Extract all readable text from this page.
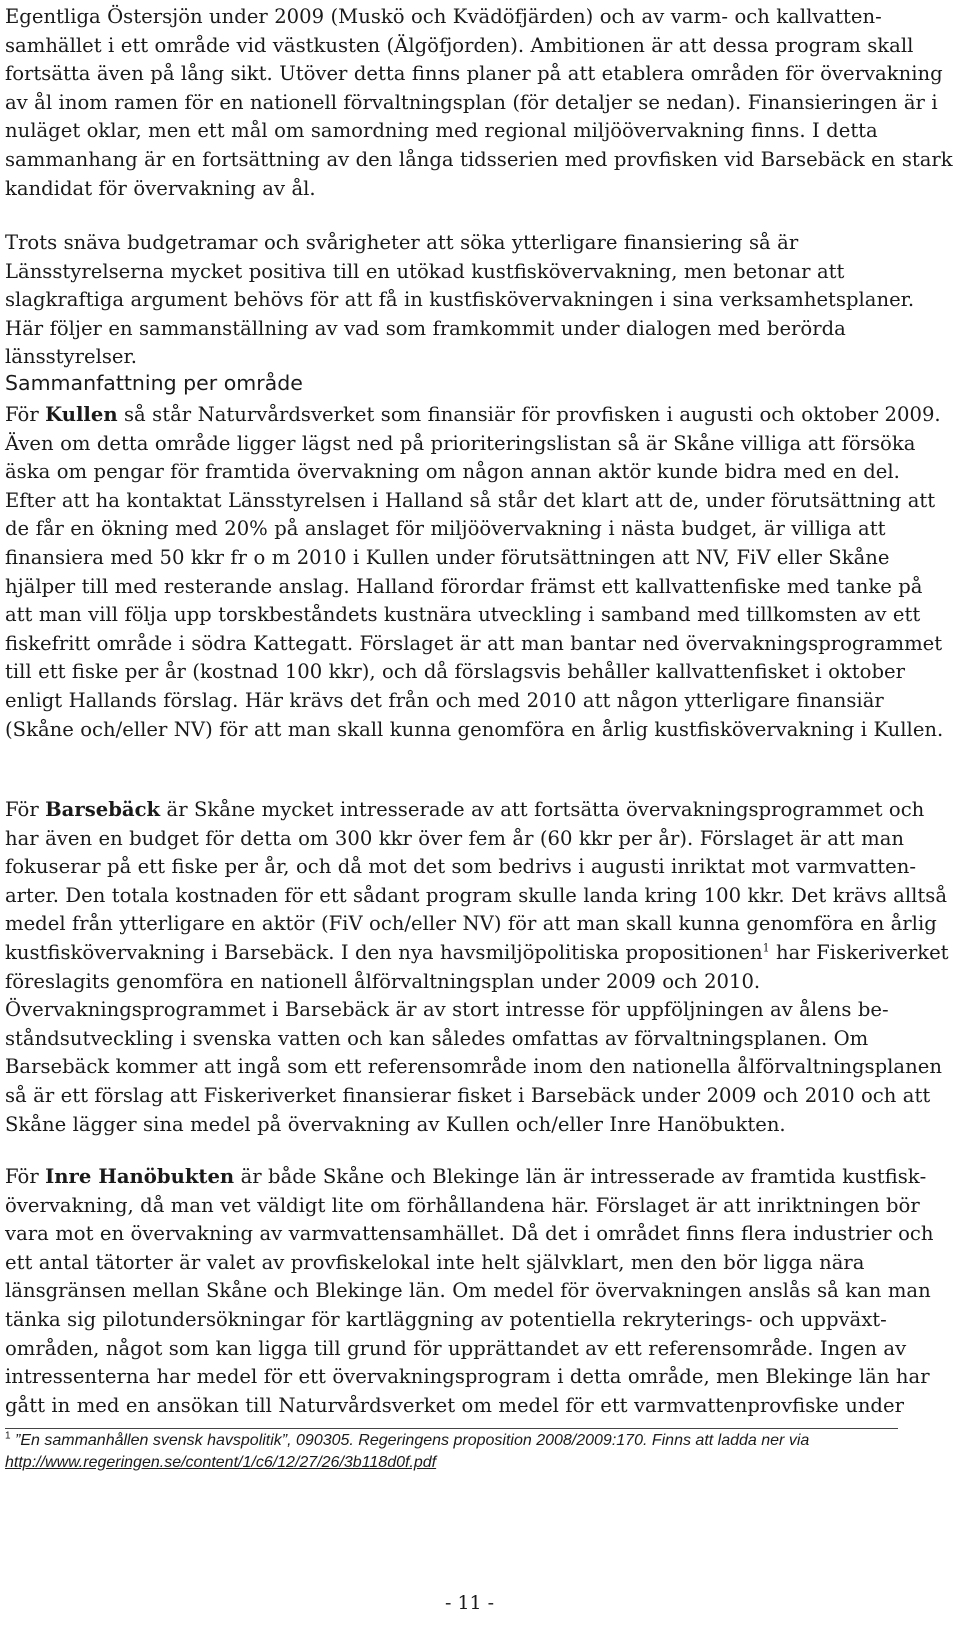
Egentliga Östersjön under 2009 (Muskö och Kvädöfjärden) och av varm- och kallvattensamhället i ett område vid västkusten (Älgöfjorden). Ambitionen är att dessa program skall fortsätta även på lång sikt. Utöver detta finns planer på att etablera områden för övervakning av ål inom ramen för en nationell förvaltningsplan (för detaljer se nedan). Finansieringen är i nuläget oklar, men ett mål om samordning med regional miljöövervakning finns. I detta sammanhang är en fortsättning av den långa tidsserien med provfisken vid Barsebäck en stark kandidat för övervakning av ål.

Trots snäva budgetramar och svårigheter att söka ytterligare finansiering så är Länsstyrelserna mycket positiva till en utökad kustfiskövervakning, men betonar att slagkraftiga argument behövs för att få in kustfiskövervakningen i sina verksamhetsplaner. Här följer en sammanställning av vad som framkommit under dialogen med berörda länsstyrelser.

Sammanfattning per område

För Kullen så står Naturvårdsverket som finansiär för provfisken i augusti och oktober 2009. Även om detta område ligger lägst ned på prioriteringslistan så är Skåne villiga att försöka äska om pengar för framtida övervakning om någon annan aktör kunde bidra med en del. Efter att ha kontaktat Länsstyrelsen i Halland så står det klart att de, under förutsättning att de får en ökning med 20% på anslaget för miljöövervakning i nästa budget, är villiga att finansiera med 50 kkr fr o m 2010 i Kullen under förutsättningen att NV, FiV eller Skåne hjälper till med resterande anslag. Halland förordar främst ett kallvattenfiske med tanke på att man vill följa upp torskbeståndets kustnära utveckling i samband med tillkomsten av ett fiskefritt område i södra Kattegatt. Förslaget är att man bantar ned övervakningsprogrammet till ett fiske per år (kostnad 100 kkr), och då förslagsvis behåller kallvattenfisket i oktober enligt Hallands förslag. Här krävs det från och med 2010 att någon ytterligare finansiär (Skåne och/eller NV) för att man skall kunna genomföra en årlig kustfiskövervakning i Kullen.

För Barsebäck är Skåne mycket intresserade av att fortsätta övervakningsprogrammet och har även en budget för detta om 300 kkr över fem år (60 kkr per år). Förslaget är att man fokuserar på ett fiske per år, och då mot det som bedrivs i augusti inriktat mot varmvattenarter. Den totala kostnaden för ett sådant program skulle landa kring 100 kkr. Det krävs alltså medel från ytterligare en aktör (FiV och/eller NV) för att man skall kunna genomföra en årlig kustfiskövervakning i Barsebäck. I den nya havsmiljöpolitiska propositionen$^1$ har Fiskeriverket föreslagits genomföra en nationell ålförvaltningsplan under 2009 och 2010. Övervakningsprogrammet i Barsebäck är av stort intresse för uppföljningen av ålens beståndsutveckling i svenska vatten och kan således omfattas av förvaltningsplanen. Om Barsebäck kommer att ingå som ett referensområde inom den nationella ålförvaltningsplanen så är ett förslag att Fiskeriverket finansierar fisket i Barsebäck under 2009 och 2010 och att Skåne lägger sina medel på övervakning av Kullen och/eller Inre Hanöbukten.

För Inre Hanöbukten är både Skåne och Blekinge län är intresserade av framtida kustfiskövervakning, då man vet väldigt lite om förhållandena här. Förslaget är att inriktningen bör vara mot en övervakning av varmvattensamhället. Då det i området finns flera industrier och ett antal tätorter är valet av provfiskelokal inte helt självklart, men den bör ligga nära länsgränsen mellan Skåne och Blekinge län. Om medel för övervakningen anslås så kan man tänka sig pilotundersökningar för kartläggning av potentiella rekryterings- och uppväxtområden, något som kan ligga till grund för upprättandet av ett referensområde. Ingen av intressenterna har medel för ett övervakningsprogram i detta område, men Blekinge län har gått in med en ansökan till Naturvårdsverket om medel för ett varmvattenprovfiske under

$^1$ ”En sammanhållen svensk havspolitik”, 090305. Regeringens proposition 2008/2009:170. Finns att ladda ner via http://www.regeringen.se/content/1/c6/12/27/26/3b118d0f.pdf

- 11 -
